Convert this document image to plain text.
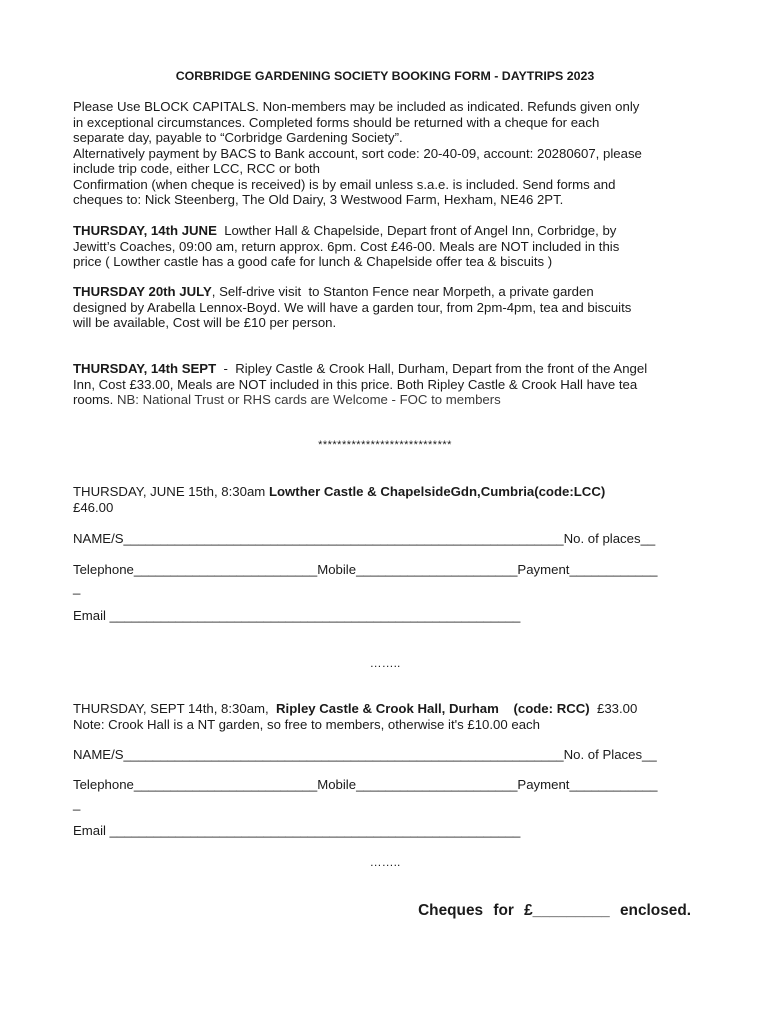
CORBRIDGE GARDENING SOCIETY BOOKING FORM - DAYTRIPS 2023
Please Use BLOCK CAPITALS. Non-members may be included as indicated. Refunds given only
in exceptional circumstances. Completed forms should be returned with a cheque for each
separate day, payable to “Corbridge Gardening Society”.
Alternatively payment by BACS to Bank account, sort code: 20-40-09, account: 20280607, please
include trip code, either LCC, RCC or both
Confirmation (when cheque is received) is by email unless s.a.e. is included. Send forms and
cheques to: Nick Steenberg, The Old Dairy, 3 Westwood Farm, Hexham, NE46 2PT.
THURSDAY, 14th JUNE  Lowther Hall & Chapelside, Depart front of Angel Inn, Corbridge, by
Jewitt’s Coaches, 09:00 am, return approx. 6pm. Cost £46-00. Meals are NOT included in this
price ( Lowther castle has a good cafe for lunch & Chapelside offer tea & biscuits )
THURSDAY 20th JULY, Self-drive visit  to Stanton Fence near Morpeth, a private garden
designed by Arabella Lennox-Boyd. We will have a garden tour, from 2pm-4pm, tea and biscuits
will be available, Cost will be £10 per person.
THURSDAY, 14th SEPT  -  Ripley Castle & Crook Hall, Durham, Depart from the front of the Angel
Inn, Cost £33.00, Meals are NOT included in this price. Both Ripley Castle & Crook Hall have tea
rooms. NB: National Trust or RHS cards are Welcome - FOC to members
****************************
THURSDAY, JUNE 15th, 8:30am Lowther Castle & ChapelsideGdn,Cumbria(code:LCC)
£46.00
NAME/S____________________________________________________________No. of places__
Telephone_________________________Mobile______________________Payment____________
_
Email ________________________________________________________
……..
THURSDAY, SEPT 14th, 8:30am,  Ripley Castle & Crook Hall, Durham    (code: RCC)  £33.00
Note: Crook Hall is a NT garden, so free to members, otherwise it's £10.00 each
NAME/S____________________________________________________________No. of Places__
Telephone_________________________Mobile______________________Payment____________
_
Email ________________________________________________________
……..
Cheques for £_________ enclosed.
